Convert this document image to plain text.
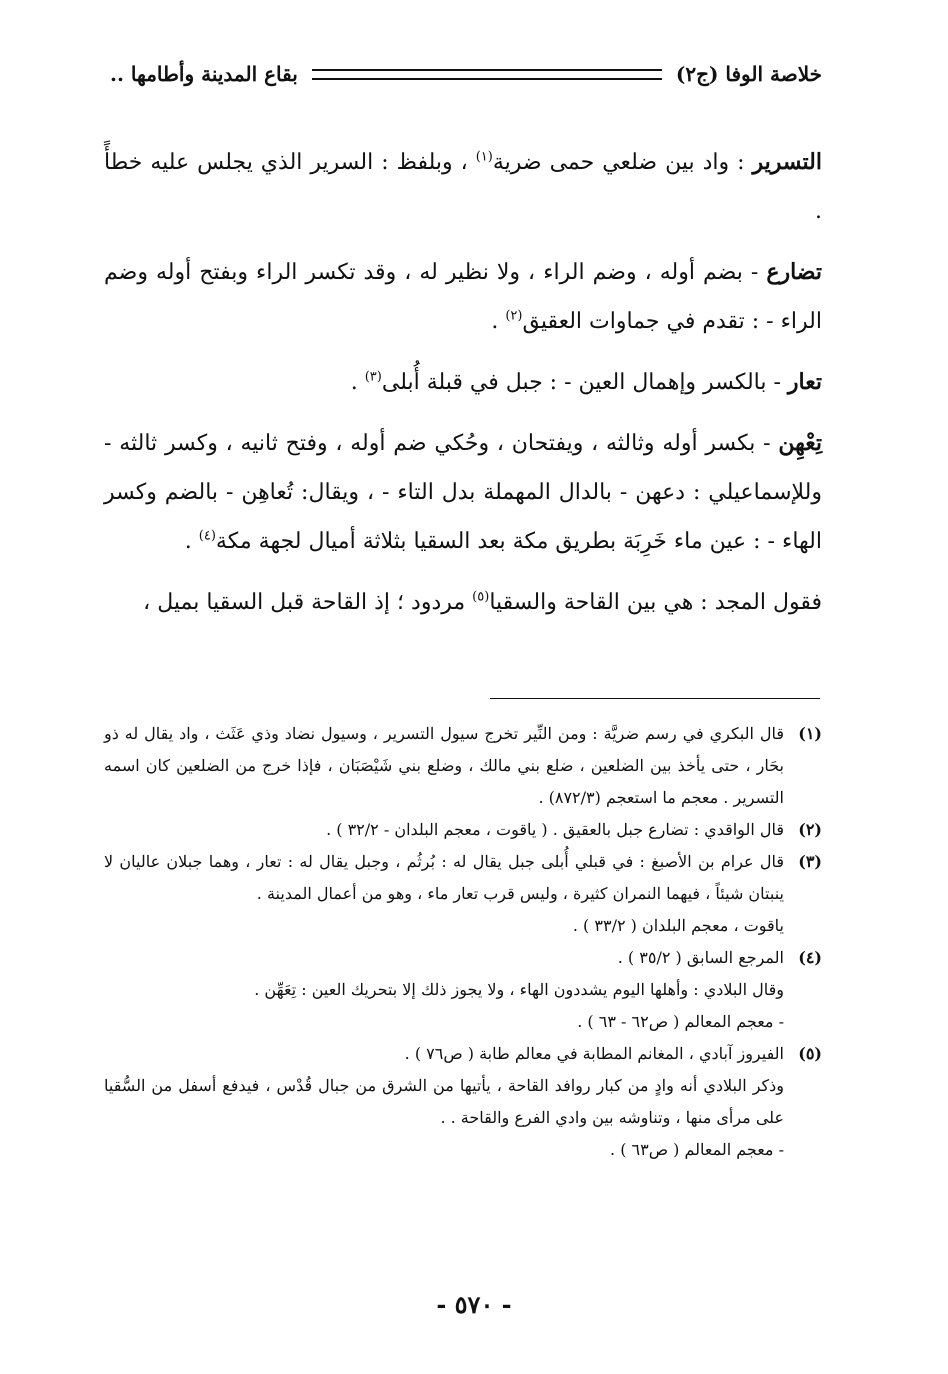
خلاصة الوفا (ج٢)
بقاع المدينة وأطامها ..

التسرير : واد بين ضلعي حمى ضرية$^{(١)}$ ، وبلفظ : السرير الذي يجلس عليه خطأً .

تضارع - بضم أوله ، وضم الراء ، ولا نظير له ، وقد تكسر الراء وبفتح أوله وضم الراء - : تقدم في جماوات العقيق$^{(٢)}$ .

تعار - بالكسر وإهمال العين - : جبل في قبلة أُبلى$^{(٣)}$ .

تِعْهِن - بكسر أوله وثالثه ، ويفتحان ، وحُكي ضم أوله ، وفتح ثانيه ، وكسر ثالثه - وللإسماعيلي : دعهن - بالدال المهملة بدل التاء - ، ويقال: تُعاهِن - بالضم وكسر الهاء - : عين ماء خَرِبَة بطريق مكة بعد السقيا بثلاثة أميال لجهة مكة$^{(٤)}$ .

فقول المجد : هي بين القاحة والسقيا$^{(٥)}$ مردود ؛ إذ القاحة قبل السقيا بميل ،

(١)
قال البكري في رسم ضريَّة : ومن النِّير تخرج سيول التسرير ، وسيول نضاد وذي عَثَث ، واد يقال له ذو بحَار ، حتى يأخذ بين الضلعين ، ضلع بني مالك ، وضلع بني شَيْصَبَان ، فإذا خرج من الضلعين كان اسمه التسرير . معجم ما استعجم (٨٧٢/٣) .
(٢)
قال الواقدي : تضارع جبل بالعقيق . ( ياقوت ، معجم البلدان - ٣٢/٢ ) .
(٣)
قال عرام بن الأصبغ : في قبلي أُبلى جبل يقال له : بُرثُم ، وجبل يقال له : تعار ، وهما جبلان عاليان لا ينبتان شيئاً ، فيهما النمران كثيرة ، وليس قرب تعار ماء ، وهو من أعمال المدينة .
ياقوت ، معجم البلدان ( ٣٣/٢ ) .
(٤)
المرجع السابق ( ٣٥/٢ ) .
وقال البلادي : وأهلها اليوم يشددون الهاء ، ولا يجوز ذلك إلا بتحريك العين : تِعَهِّن .
- معجم المعالم ( ص٦٢ - ٦٣ ) .
(٥)
الفيروز آبادي ، المغانم المطابة في معالم طابة ( ص٧٦ ) .
وذكر البلادي أنه وادٍ من كبار روافد القاحة ، يأتيها من الشرق من جبال قُدْس ، فيدفع أسفل من السُّقيا على مرأى منها ، وتناوشه بين وادي الفرع والقاحة . .
- معجم المعالم ( ص٦٣ ) .
- ٥٧٠ -
